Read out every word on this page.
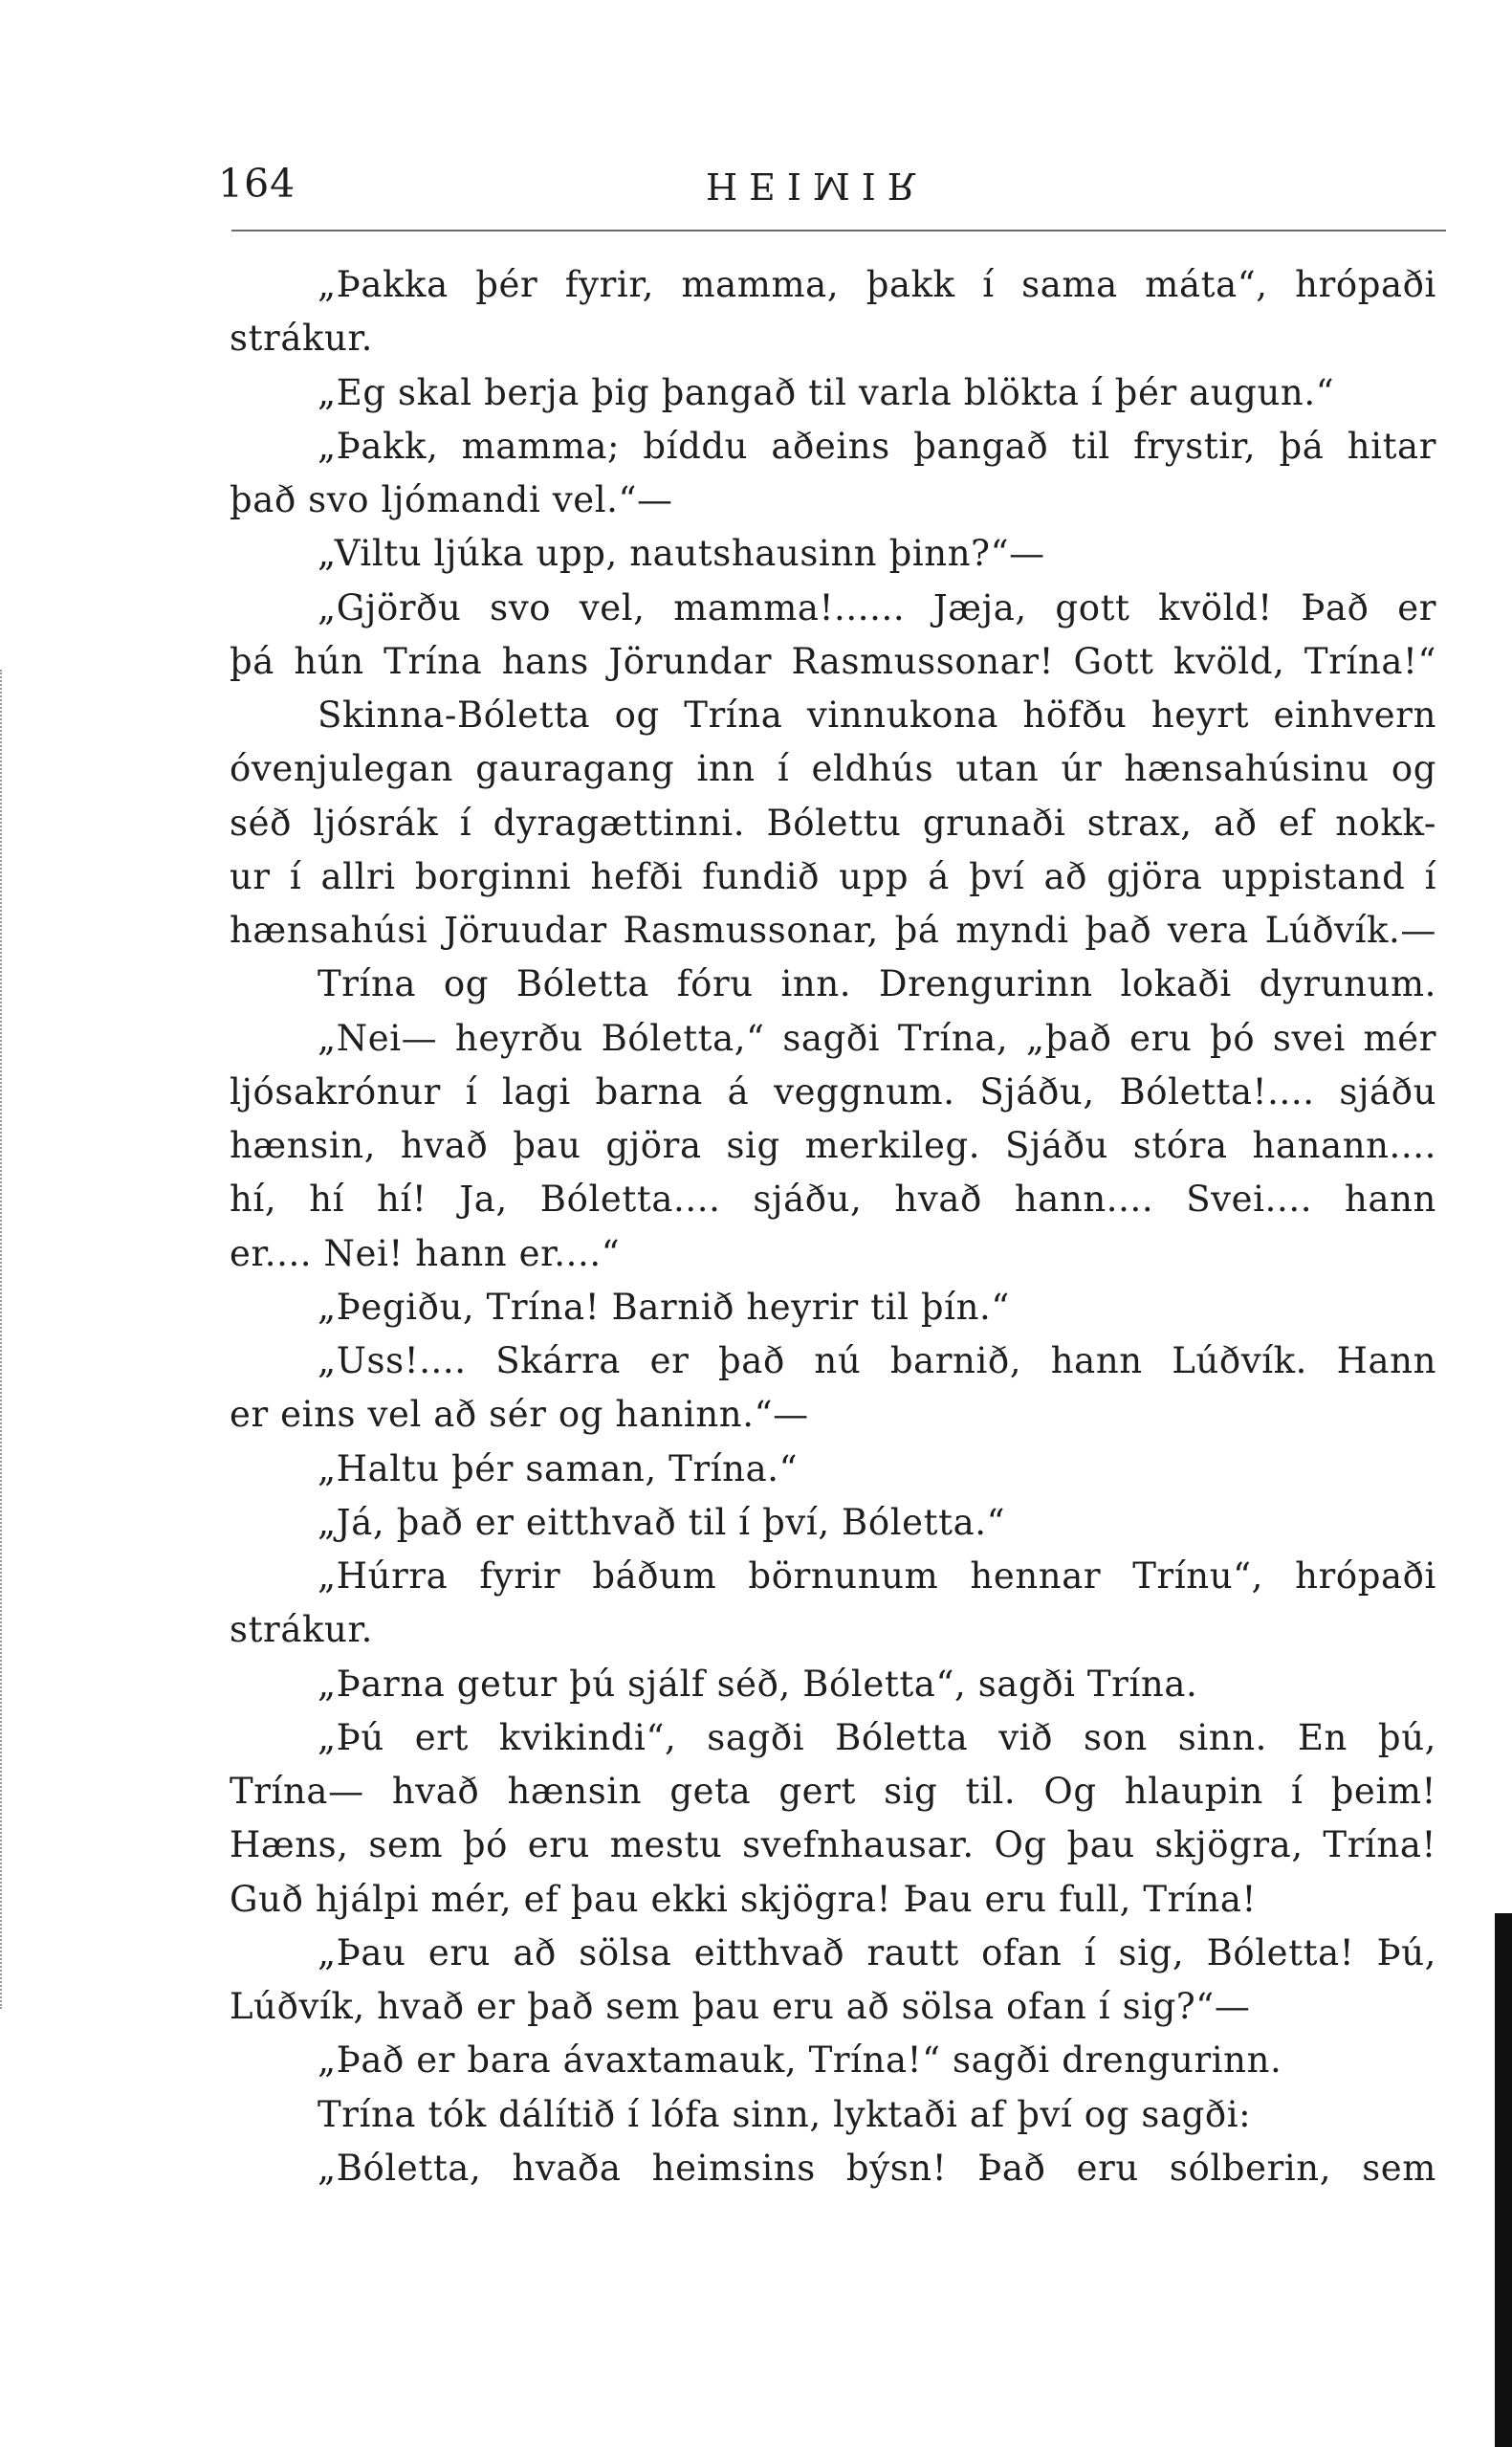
164	HEIMIR
„Þakka þér fyrir, mamma, þakk í sama máta“, hrópaði
strákur.
„Eg skal berja þig þangað til varla blökta í þér augun.“
„Þakk, mamma; bíddu aðeins þangað til frystir, þá hitar
það svo ljómandi vel.“—
„Viltu ljúka upp, nautshausinn þinn?“—
„Gjörðu svo vel, mamma!...... Jæja, gott kvöld! Það er
þá hún Trína hans Jörundar Rasmussonar! Gott kvöld, Trína!“
Skinna-Bóletta og Trína vinnukona höfðu heyrt einhvern
óvenjulegan gauragang inn í eldhús utan úr hænsahúsinu og
séð ljósrák í dyragættinni. Bólettu grunaði strax, að ef nokk-
ur í allri borginni hefði fundið upp á því að gjöra uppistand í
hænsahúsi Jöruudar Rasmussonar, þá myndi það vera Lúðvík.—
Trína og Bóletta fóru inn. Drengurinn lokaði dyrunum.
„Nei— heyrðu Bóletta,“ sagði Trína, „það eru þó svei mér
ljósakrónur í lagi barna á veggnum. Sjáðu, Bóletta!.... sjáðu
hænsin, hvað þau gjöra sig merkileg. Sjáðu stóra hanann....
hí, hí hí! Ja, Bóletta.... sjáðu, hvað hann.... Svei.... hann
er.... Nei! hann er....“
„Þegiðu, Trína! Barnið heyrir til þín.“
„Uss!.... Skárra er það nú barnið, hann Lúðvík. Hann
er eins vel að sér og haninn.“—
„Haltu þér saman, Trína.“
„Já, það er eitthvað til í því, Bóletta.“
„Húrra fyrir báðum börnunum hennar Trínu“, hrópaði
strákur.
„Þarna getur þú sjálf séð, Bóletta“, sagði Trína.
„Þú ert kvikindi“, sagði Bóletta við son sinn. En þú,
Trína— hvað hænsin geta gert sig til. Og hlaupin í þeim!
Hæns, sem þó eru mestu svefnhausar. Og þau skjögra, Trína!
Guð hjálpi mér, ef þau ekki skjögra! Þau eru full, Trína!
„Þau eru að sölsa eitthvað rautt ofan í sig, Bóletta! Þú,
Lúðvík, hvað er það sem þau eru að sölsa ofan í sig?“—
„Það er bara ávaxtamauk, Trína!“ sagði drengurinn.
Trína tók dálítið í lófa sinn, lyktaði af því og sagði:
„Bóletta, hvaða heimsins býsn! Það eru sólberin, sem
